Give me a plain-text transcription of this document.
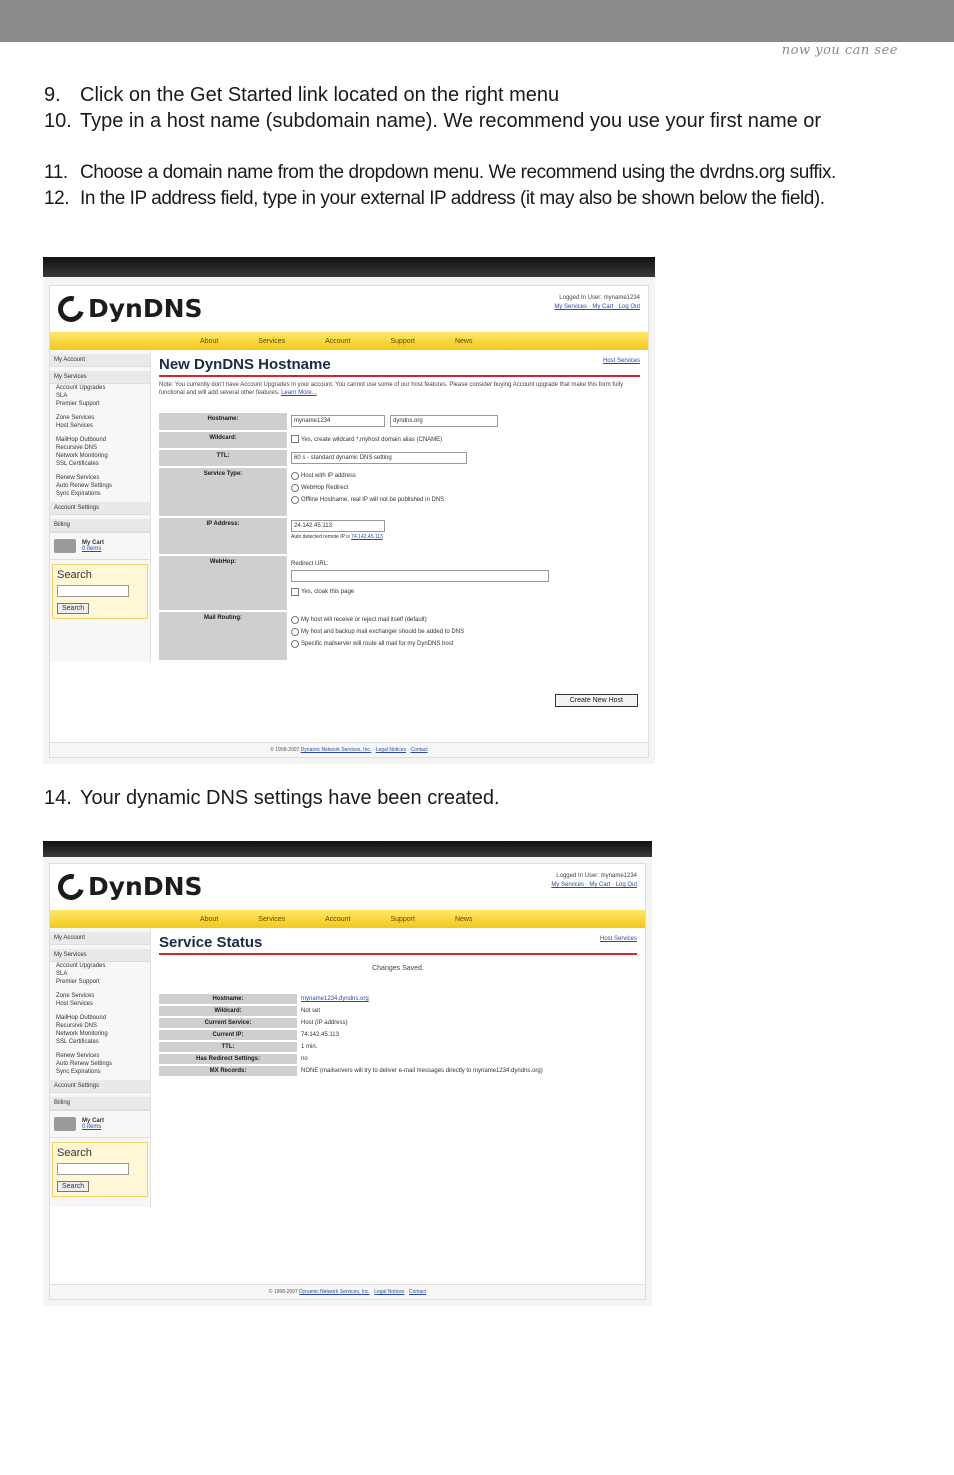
now you can see
9. Click on the Get Started link located on the right menu
10. Type in a host name (subdomain name). We recommend you use your first name or
11. Choose a domain name from the dropdown menu. We recommend using the dvrdns.org suffix.
12. In the IP address field, type in your external IP address (it may also be shown below the field).
DynDNS	Logged In User: myname1234
My Services · My Cart · Log Out
About	Services	Account	Support	News
My Account
My Services
Account Upgrades
SLA
Premier Support
Zone Services
Host Services
MailHop Outbound
Recursive DNS
Network Monitoring
SSL Certificates
Renew Services
Auto Renew Settings
Sync Expirations
Account Settings
Billing
My Cart
0 items
Search
Search
New DynDNS Hostname	Host Services
Note: You currently don't have Account Upgrades in your account. You cannot use some of our host features. Please consider buying Account upgrade that make this form fully functional and will add several other features. Learn More...
Hostname:	myname1234	. dyndns.org
Wildcard:	Yes, create wildcard *.myhost domain alias (CNAME)
TTL:	60 s - standard dynamic DNS setting
Service Type:	Host with IP address
WebHop Redirect
Offline Hostname, real IP will not be published in DNS
IP Address:	24.142.45.113
Auto detected remote IP is 74.142.45.113
WebHop:	Redirect URL:
Yes, cloak this page
Mail Routing:	My host will receive or reject mail itself (default)
My host and backup mail exchanger should be added to DNS
Specific mailserver will route all mail for my DynDNS host
Create New Host
© 1998-2007 Dynamic Network Services, Inc. · Legal Notices · Contact
14. Your dynamic DNS settings have been created.
DynDNS	Logged In User: myname1234
My Services · My Cart · Log Out
About	Services	Account	Support	News
My Account
My Services
Account Upgrades
SLA
Premier Support
Zone Services
Host Services
MailHop Outbound
Recursive DNS
Network Monitoring
SSL Certificates
Renew Services
Auto Renew Settings
Sync Expirations
Account Settings
Billing
My Cart
0 items
Search
Search
Service Status	Host Services
Changes Saved.
Hostname:	myname1234.dyndns.org
Wildcard:	Not set
Current Service:	Host (IP address)
Current IP:	74.142.45.113
TTL:	1 min.
Has Redirect Settings:	no
MX Records:	NONE (mailservers will try to deliver e-mail messages directly to myname1234.dyndns.org)
© 1998-2007 Dynamic Network Services, Inc. · Legal Notices · Contact
